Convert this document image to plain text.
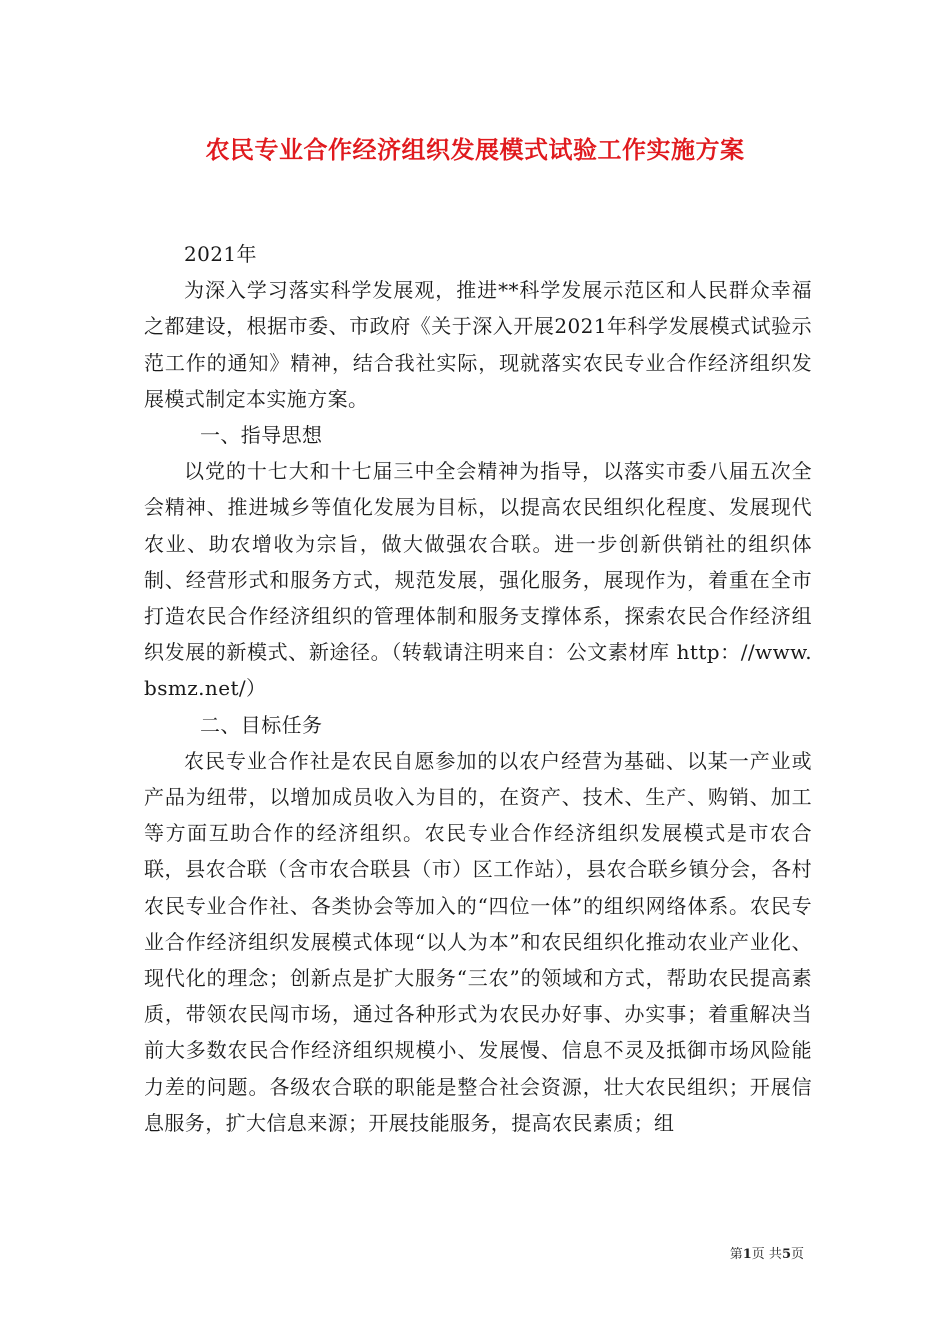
农民专业合作经济组织发展模式试验工作实施方案

2021年

为深入学习落实科学发展观，推进**科学发展示范区和人民群众幸福之都建设，根据市委、市政府《关于深入开展2021年科学发展模式试验示范工作的通知》精神，结合我社实际，现就落实农民专业合作经济组织发展模式制定本实施方案。

一、指导思想

以党的十七大和十七届三中全会精神为指导，以落实市委八届五次全会精神、推进城乡等值化发展为目标，以提高农民组织化程度、发展现代农业、助农增收为宗旨，做大做强农合联。进一步创新供销社的组织体制、经营形式和服务方式，规范发展，强化服务，展现作为，着重在全市打造农民合作经济组织的管理体制和服务支撑体系，探索农民合作经济组织发展的新模式、新途径。（转载请注明来自：公文素材库 http：//www.bsmz.net/）

二、目标任务

农民专业合作社是农民自愿参加的以农户经营为基础、以某一产业或产品为纽带，以增加成员收入为目的，在资产、技术、生产、购销、加工等方面互助合作的经济组织。农民专业合作经济组织发展模式是市农合联，县农合联（含市农合联县（市）区工作站），县农合联乡镇分会，各村农民专业合作社、各类协会等加入的“四位一体”的组织网络体系。农民专业合作经济组织发展模式体现“以人为本”和农民组织化推动农业产业化、现代化的理念；创新点是扩大服务“三农”的领域和方式，帮助农民提高素质，带领农民闯市场，通过各种形式为农民办好事、办实事；着重解决当前大多数农民合作经济组织规模小、发展慢、信息不灵及抵御市场风险能力差的问题。各级农合联的职能是整合社会资源，壮大农民组织；开展信息服务，扩大信息来源；开展技能服务，提高农民素质；组

第1页 共5页
